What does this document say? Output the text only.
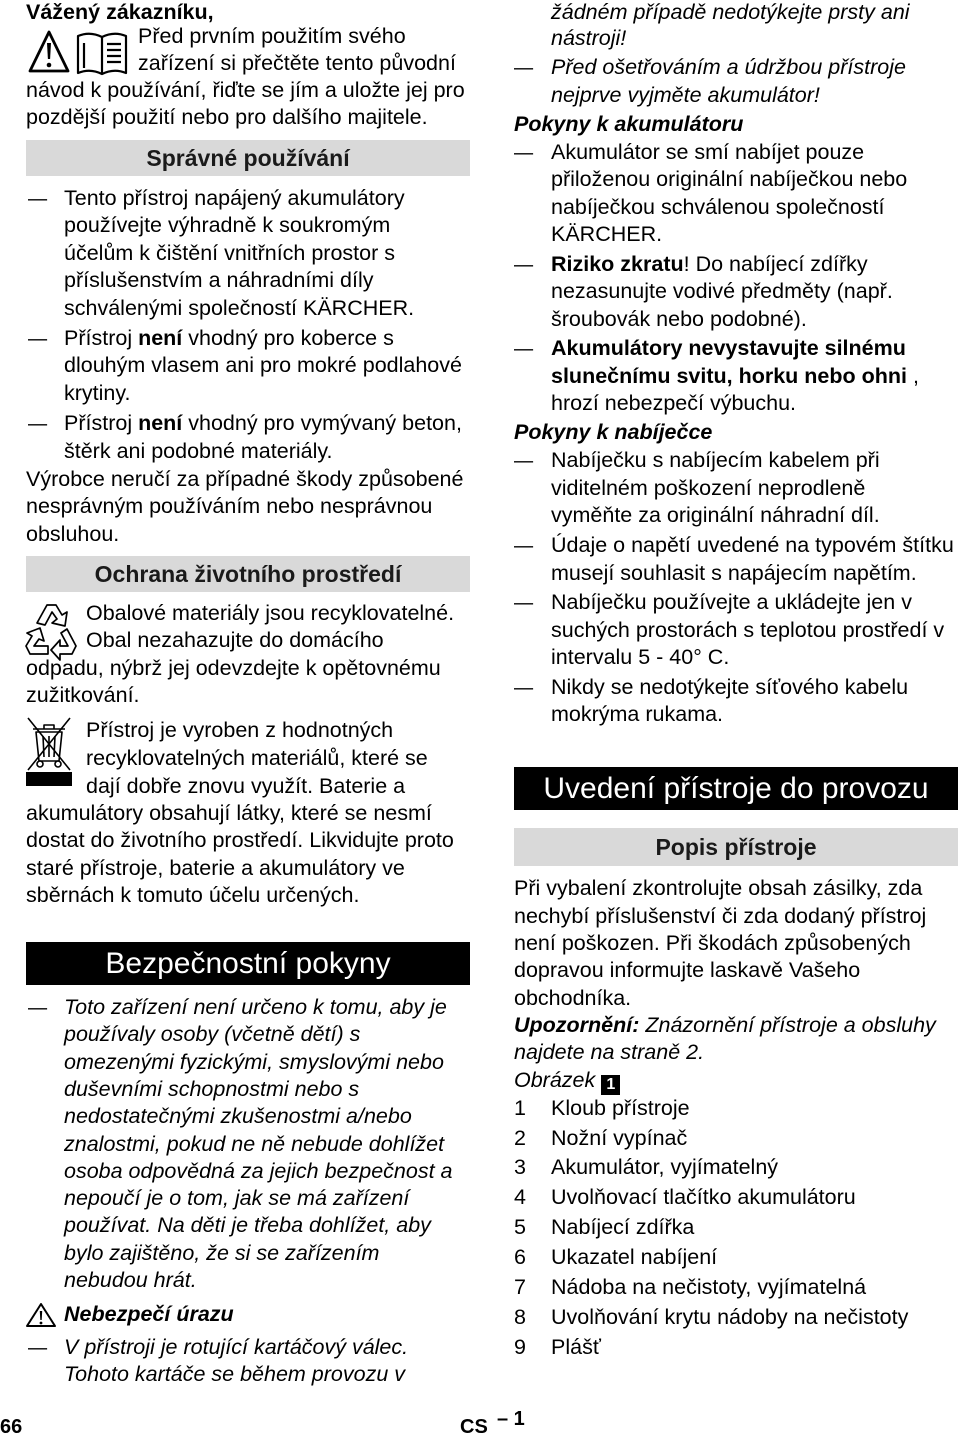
Vážený zákazníku,
Před prvním použitím svého
zařízení si přečtěte tento původní
návod k používání, řiďte se jím a uložte jej pro
pozdější použití nebo pro dalšího majitele.
Správné používání
– Tento přístroj napájený akumulátory
používejte výhradně k soukromým
účelům k čištění vnitřních prostor s
příslušenstvím a náhradními díly
schválenými společností KÄRCHER.
– Přístroj není vhodný pro koberce s
dlouhým vlasem ani pro mokré podlahové
krytiny.
– Přístroj není vhodný pro vymývaný beton,
štěrk ani podobné materiály.
Výrobce neručí za případné škody způsobené
nesprávným používáním nebo nesprávnou
obsluhou.
Ochrana životního prostředí
Obalové materiály jsou recyklovatelné.
Obal nezahazujte do domácího
odpadu, nýbrž jej odevzdejte k opětovnému
zužitkování.
Přístroj je vyroben z hodnotných
recyklovatelných materiálů, které se
dají dobře znovu využít. Baterie a
akumulátory obsahují látky, které se nesmí
dostat do životního prostředí. Likvidujte proto
staré přístroje, baterie a akumulátory ve
sběrnách k tomuto účelu určených.
Bezpečnostní pokyny
– Toto zařízení není určeno k tomu, aby je
používaly osoby (včetně dětí) s
omezenými fyzickými, smyslovými nebo
duševními schopnostmi nebo s
nedostatečnými zkušenostmi a/nebo
znalostmi, pokud ne ně nebude dohlížet
osoba odpovědná za jejich bezpečnost a
nepoučí je o tom, jak se má zařízení
používat. Na děti je třeba dohlížet, aby
bylo zajištěno, že si se zařízením
nebudou hrát.
Nebezpečí úrazu
– V přístroji je rotující kartáčový válec.
Tohoto kartáče se během provozu v
žádném případě nedotýkejte prsty ani
nástroji!
– Před ošetřováním a údržbou přístroje
nejprve vyjměte akumulátor!
Pokyny k akumulátoru
– Akumulátor se smí nabíjet pouze
přiloženou originální nabíječkou nebo
nabíječkou schválenou společností
KÄRCHER.
– Riziko zkratu! Do nabíjecí zdířky
nezasunujte vodivé předměty (např.
šroubovák nebo podobné).
– Akumulátory nevystavujte silnému
slunečnímu svitu, horku nebo ohni ,
hrozí nebezpečí výbuchu.
Pokyny k nabíječce
– Nabíječku s nabíjecím kabelem při
viditelném poškození neprodleně
vyměňte za originální náhradní díl.
– Údaje o napětí uvedené na typovém štítku
musejí souhlasit s napájecím napětím.
– Nabíječku používejte a ukládejte jen v
suchých prostorách s teplotou prostředí v
intervalu 5 - 40° C.
– Nikdy se nedotýkejte síťového kabelu
mokrýma rukama.
Uvedení přístroje do provozu
Popis přístroje
Při vybalení zkontrolujte obsah zásilky, zda
nechybí příslušenství či zda dodaný přístroj
není poškozen. Při škodách způsobených
dopravou informujte laskavě Vašeho
obchodníka.
Upozornění: Znázornění přístroje a obsluhy
najdete na straně 2.
Obrázek 1
1 Kloub přístroje
2 Nožní vypínač
3 Akumulátor, vyjímatelný
4 Uvolňovací tlačítko akumulátoru
5 Nabíjecí zdířka
6 Ukazatel nabíjení
7 Nádoba na nečistoty, vyjímatelná
8 Uvolňování krytu nádoby na nečistoty
9 Plášť
66	CS – 1
